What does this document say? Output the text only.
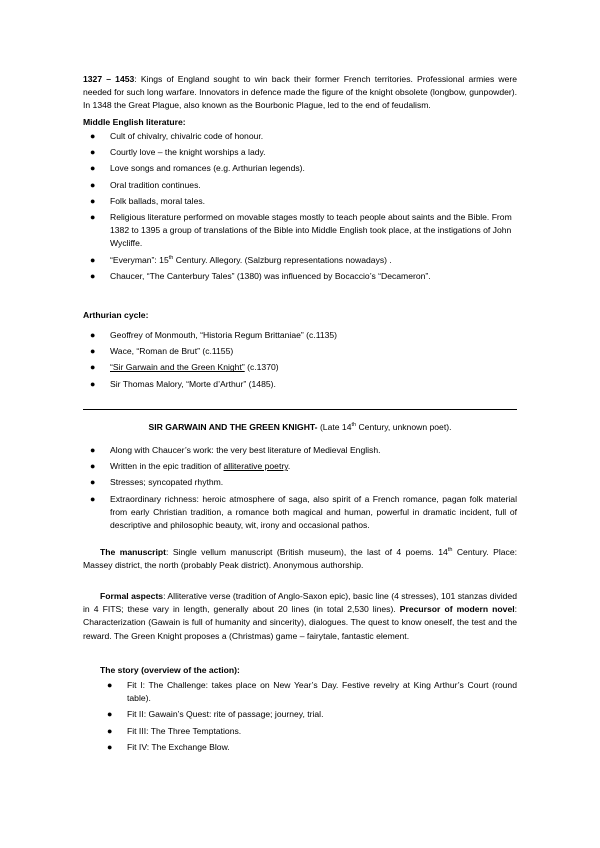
1327 – 1453: Kings of England sought to win back their former French territories. Professional armies were needed for such long warfare. Innovators in defence made the figure of the knight obsolete (longbow, gunpowder). In 1348 the Great Plague, also known as the Bourbonic Plague, led to the end of feudalism.

Middle English literature:

● Cult of chivalry, chivalric code of honour.
● Courtly love – the knight worships a lady.
● Love songs and romances (e.g. Arthurian legends).
● Oral tradition continues.
● Folk ballads, moral tales.
● Religious literature performed on movable stages mostly to teach people about saints and the Bible. From 1382 to 1395 a group of translations of the Bible into Middle English took place, at the instigations of John Wycliffe.
● “Everyman”: 15th Century. Allegory. (Salzburg representations nowadays) .
● Chaucer, “The Canterbury Tales” (1380) was influenced by Bocaccio’s “Decameron”.

Arthurian cycle:

● Geoffrey of Monmouth, “Historia Regum Brittaniae” (c.1135)
● Wace, “Roman de Brut” (c.1155)
● “Sir Garwain and the Green Knight” (c.1370)
● Sir Thomas Malory, “Morte d’Arthur” (1485).

SIR GARWAIN AND THE GREEN KNIGHT- (Late 14th Century, unknown poet).

● Along with Chaucer’s work: the very best literature of Medieval English.
● Written in the epic tradition of alliterative poetry.
● Stresses; syncopated rhythm.
● Extraordinary richness: heroic atmosphere of saga, also spirit of a French romance, pagan folk material from early Christian tradition, a romance both magical and human, powerful in dramatic incident, full of descriptive and philosophic beauty, wit, irony and occasional pathos.

The manuscript: Single vellum manuscript (British museum), the last of 4 poems. 14th Century. Place: Massey district, the north (probably Peak district). Anonymous authorship.

Formal aspects: Alliterative verse (tradition of Anglo-Saxon epic), basic line (4 stresses), 101 stanzas divided in 4 FITS; these vary in length, generally about 20 lines (in total 2,530 lines). Precursor of modern novel: Characterization (Gawain is full of humanity and sincerity), dialogues. The quest to know oneself, the test and the reward. The Green Knight proposes a (Christmas) game – fairytale, fantastic element.

The story (overview of the action):

● Fit I: The Challenge: takes place on New Year’s Day. Festive revelry at King Arthur’s Court (round table).
● Fit II: Gawain’s Quest: rite of passage; journey, trial.
● Fit III: The Three Temptations.
● Fit IV: The Exchange Blow.
